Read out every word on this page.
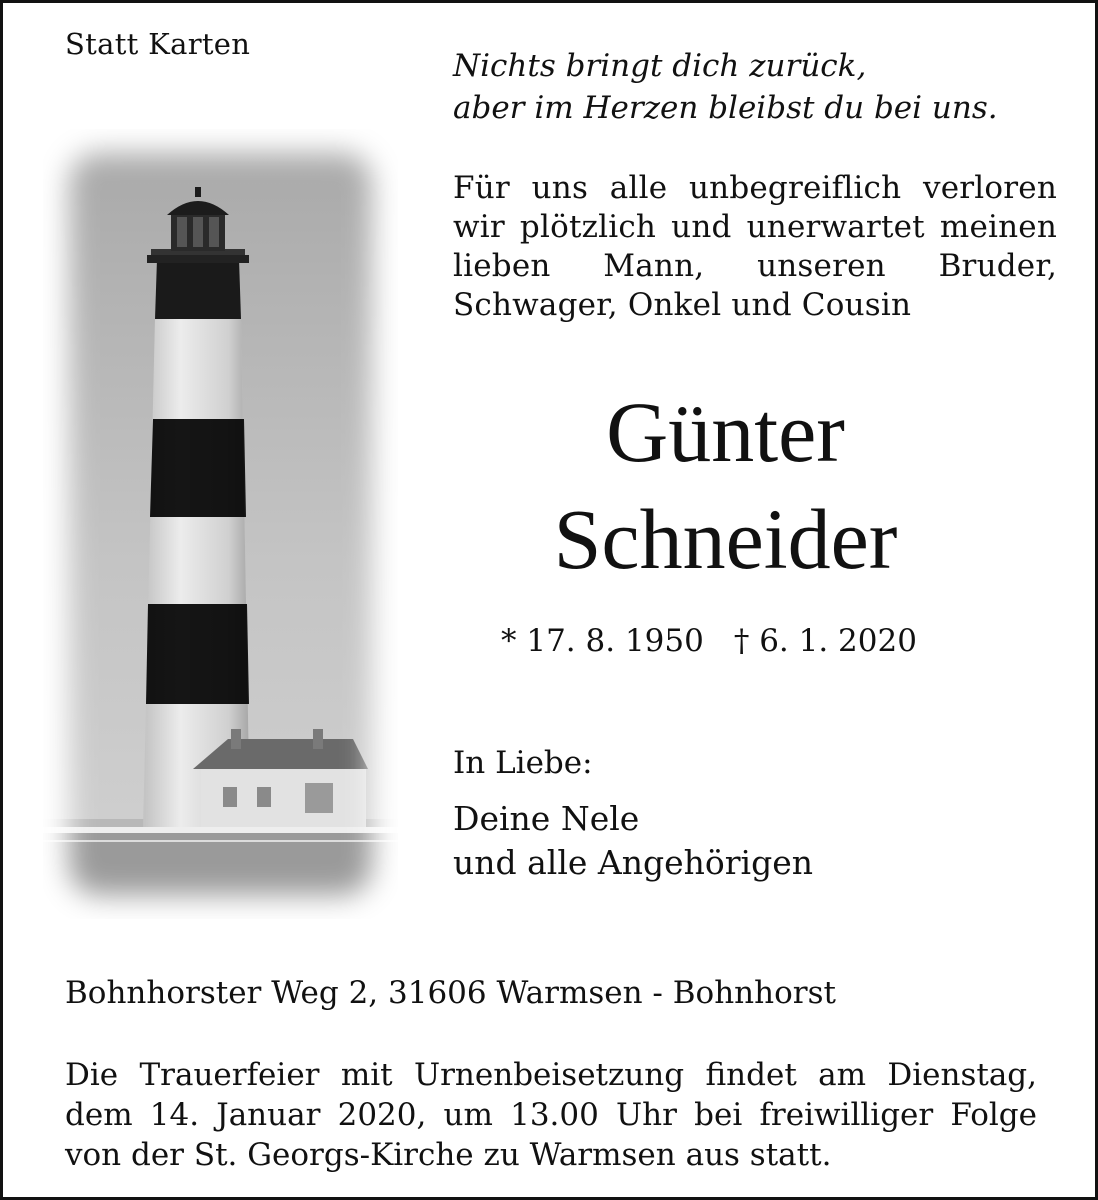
Statt Karten
Nichts bringt dich zurück,
aber im Herzen bleibst du bei uns.
Für uns alle unbegreiflich verloren
wir plötzlich und unerwartet meinen
lieben Mann, unseren Bruder,
Schwager, Onkel und Cousin
Günter
Schneider
* 17. 8. 1950 † 6. 1. 2020
In Liebe:
Deine Nele
und alle Angehörigen
Bohnhorster Weg 2, 31606 Warmsen - Bohnhorst
Die Trauerfeier mit Urnenbeisetzung findet am Dienstag,
dem 14. Januar 2020, um 13.00 Uhr bei freiwilliger Folge
von der St. Georgs-Kirche zu Warmsen aus statt.
